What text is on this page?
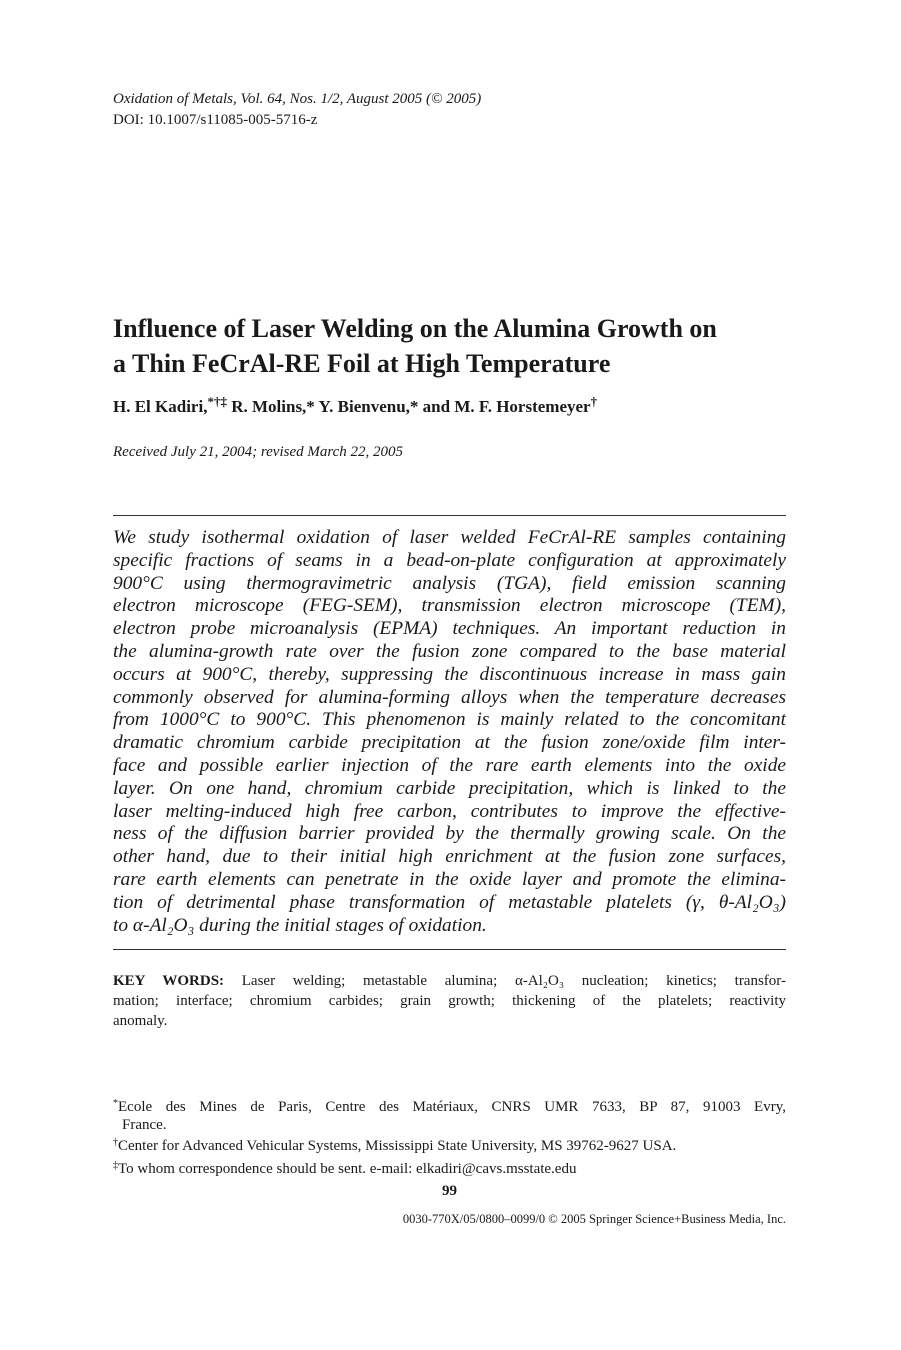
Oxidation of Metals, Vol. 64, Nos. 1/2, August 2005 (© 2005)
DOI: 10.1007/s11085-005-5716-z
Influence of Laser Welding on the Alumina Growth on
a Thin FeCrAl-RE Foil at High Temperature
H. El Kadiri,*†‡ R. Molins,* Y. Bienvenu,* and M. F. Horstemeyer†
Received July 21, 2004; revised March 22, 2005
We study isothermal oxidation of laser welded FeCrAl-RE samples containing
specific fractions of seams in a bead-on-plate configuration at approximately
900°C using thermogravimetric analysis (TGA), field emission scanning
electron microscope (FEG-SEM), transmission electron microscope (TEM),
electron probe microanalysis (EPMA) techniques. An important reduction in
the alumina-growth rate over the fusion zone compared to the base material
occurs at 900°C, thereby, suppressing the discontinuous increase in mass gain
commonly observed for alumina-forming alloys when the temperature decreases
from 1000°C to 900°C. This phenomenon is mainly related to the concomitant
dramatic chromium carbide precipitation at the fusion zone/oxide film inter-
face and possible earlier injection of the rare earth elements into the oxide
layer. On one hand, chromium carbide precipitation, which is linked to the
laser melting-induced high free carbon, contributes to improve the effective-
ness of the diffusion barrier provided by the thermally growing scale. On the
other hand, due to their initial high enrichment at the fusion zone surfaces,
rare earth elements can penetrate in the oxide layer and promote the elimina-
tion of detrimental phase transformation of metastable platelets (γ, θ-Al₂O₃)
to α-Al₂O₃ during the initial stages of oxidation.
KEY WORDS: Laser welding; metastable alumina; α-Al₂O₃ nucleation; kinetics; transfor-
mation; interface; chromium carbides; grain growth; thickening of the platelets; reactivity
anomaly.
*Ecole des Mines de Paris, Centre des Matériaux, CNRS UMR 7633, BP 87, 91003 Evry,
France.
†Center for Advanced Vehicular Systems, Mississippi State University, MS 39762-9627 USA.
‡To whom correspondence should be sent. e-mail: elkadiri@cavs.msstate.edu
99
0030-770X/05/0800–0099/0 © 2005 Springer Science+Business Media, Inc.
